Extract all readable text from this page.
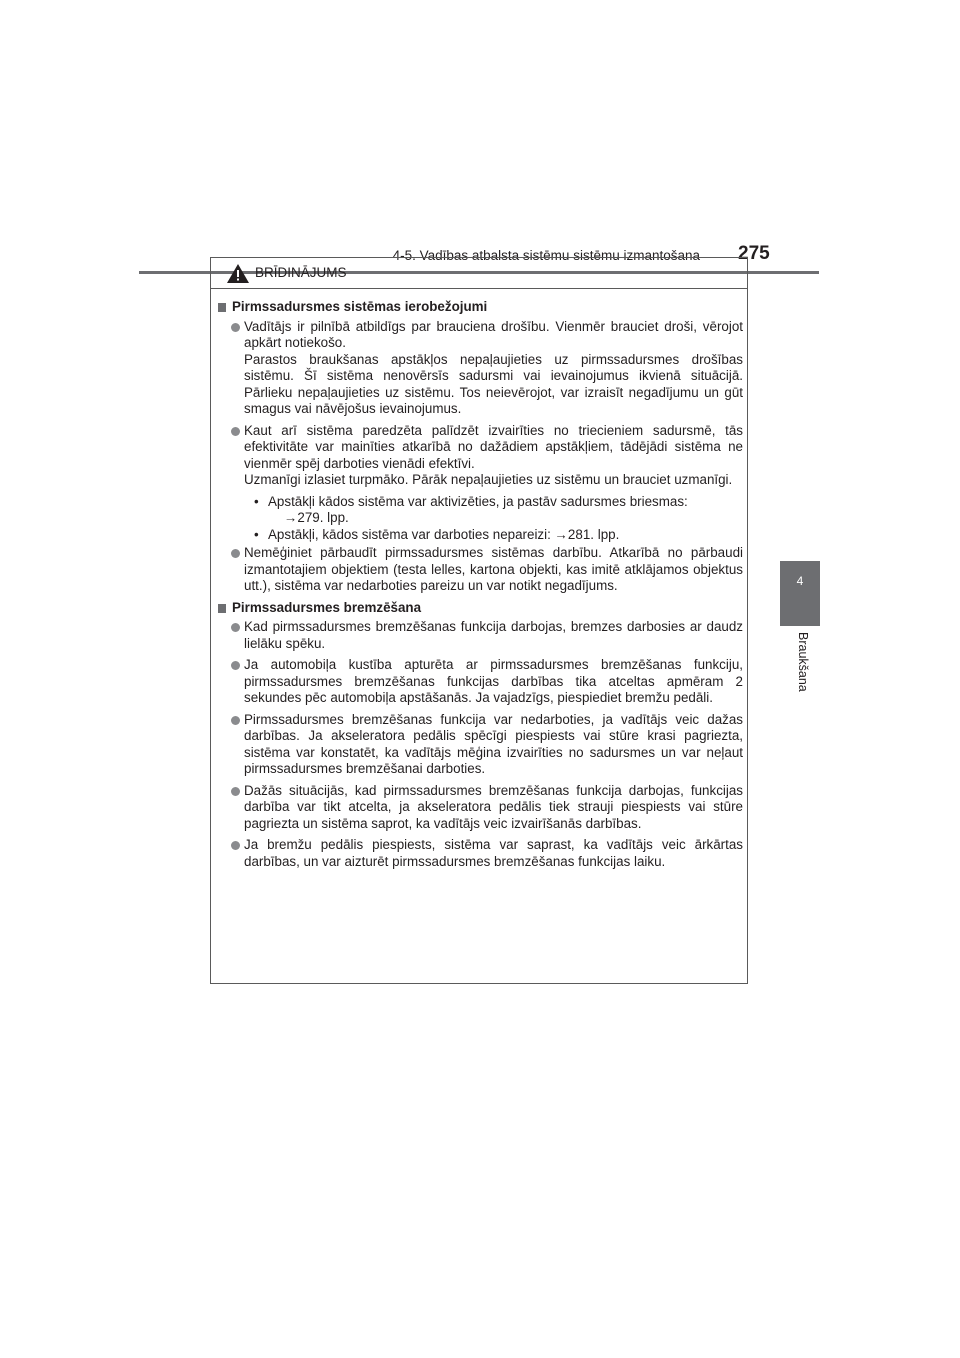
4-5. Vadības atbalsta sistēmu sistēmu izmantošana 275
4
Braukšana
BRĪDINĀJUMS
Pirmssadursmes sistēmas ierobežojumi

Vadītājs ir pilnībā atbildīgs par brauciena drošību. Vienmēr brauciet droši, vērojot apkārt notiekošo.

Parastos braukšanas apstākļos nepaļaujieties uz pirmssadursmes drošības sistēmu. Šī sistēma nenovērsīs sadursmi vai ievainojumus ikvienā situācijā. Pārlieku nepaļaujieties uz sistēmu. Tos neievērojot, var izraisīt negadījumu un gūt smagus vai nāvējošus ievainojumus.

Kaut arī sistēma paredzēta palīdzēt izvairīties no triecieniem sadursmē, tās efektivitāte var mainīties atkarībā no dažādiem apstākļiem, tādējādi sistēma ne vienmēr spēj darboties vienādi efektīvi.

Uzmanīgi izlasiet turpmāko. Pārāk nepaļaujieties uz sistēmu un brauciet uzmanīgi.

• Apstākļi kādos sistēma var aktivizēties, ja pastāv sadursmes briesmas:
→279. lpp.
• Apstākļi, kādos sistēma var darboties nepareizi: →281. lpp.

Nemēģiniet pārbaudīt pirmssadursmes sistēmas darbību. Atkarībā no pārbaudi izmantotajiem objektiem (testa lelles, kartona objekti, kas imitē atklājamos objektus utt.), sistēma var nedarboties pareizu un var notikt negadījums.

Pirmssadursmes bremzēšana

Kad pirmssadursmes bremzēšanas funkcija darbojas, bremzes darbosies ar daudz lielāku spēku.

Ja automobiļa kustība apturēta ar pirmssadursmes bremzēšanas funkciju, pirmssadursmes bremzēšanas funkcijas darbības tika atceltas apmēram 2 sekundes pēc automobiļa apstāšanās. Ja vajadzīgs, piespiediet bremžu pedāli.

Pirmssadursmes bremzēšanas funkcija var nedarboties, ja vadītājs veic dažas darbības. Ja akseleratora pedālis spēcīgi piespiests vai stūre krasi pagriezta, sistēma var konstatēt, ka vadītājs mēģina izvairīties no sadursmes un var neļaut pirmssadursmes bremzēšanai darboties.

Dažās situācijās, kad pirmssadursmes bremzēšanas funkcija darbojas, funkcijas darbība var tikt atcelta, ja akseleratora pedālis tiek strauji piespiests vai stūre pagriezta un sistēma saprot, ka vadītājs veic izvairīšanās darbības.

Ja bremžu pedālis piespiests, sistēma var saprast, ka vadītājs veic ārkārtas darbības, un var aizturēt pirmssadursmes bremzēšanas funkcijas laiku.
